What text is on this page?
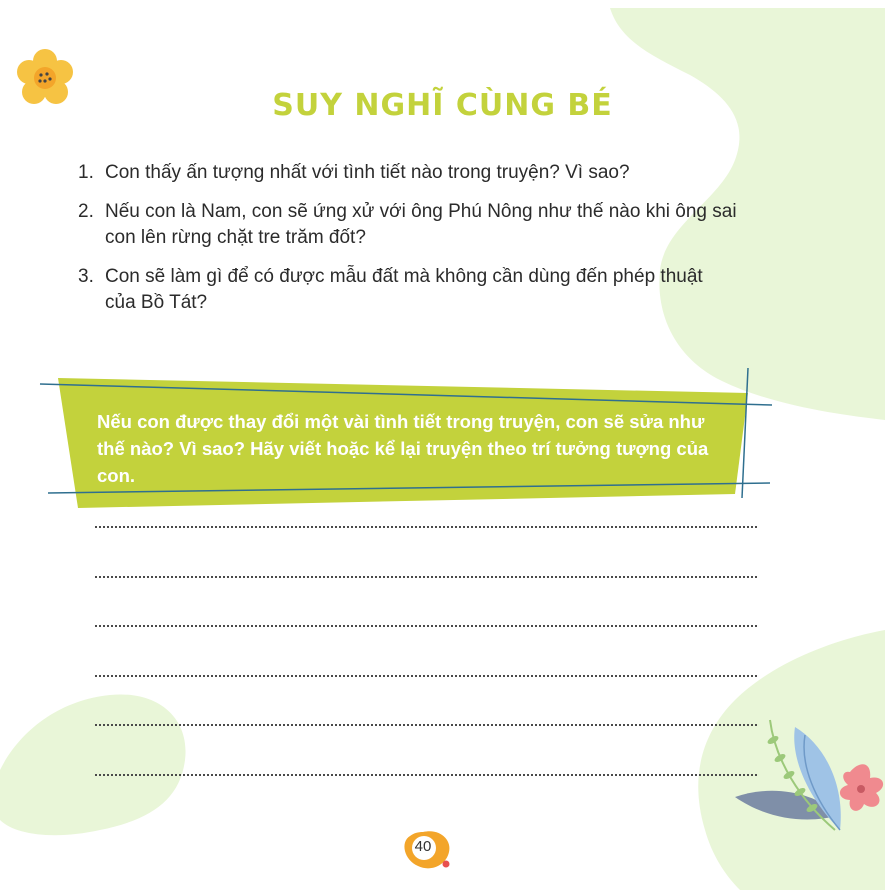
SUY NGHĨ CÙNG BÉ
1. Con thấy ấn tượng nhất với tình tiết nào trong truyện? Vì sao?
2. Nếu con là Nam, con sẽ ứng xử với ông Phú Nông như thế nào khi ông sai con lên rừng chặt tre trăm đốt?
3. Con sẽ làm gì để có được mẫu đất mà không cần dùng đến phép thuật của Bồ Tát?

Nếu con được thay đổi một vài tình tiết trong truyện, con sẽ sửa như thế nào? Vì sao? Hãy viết hoặc kể lại truyện theo trí tưởng tượng của con.

40
